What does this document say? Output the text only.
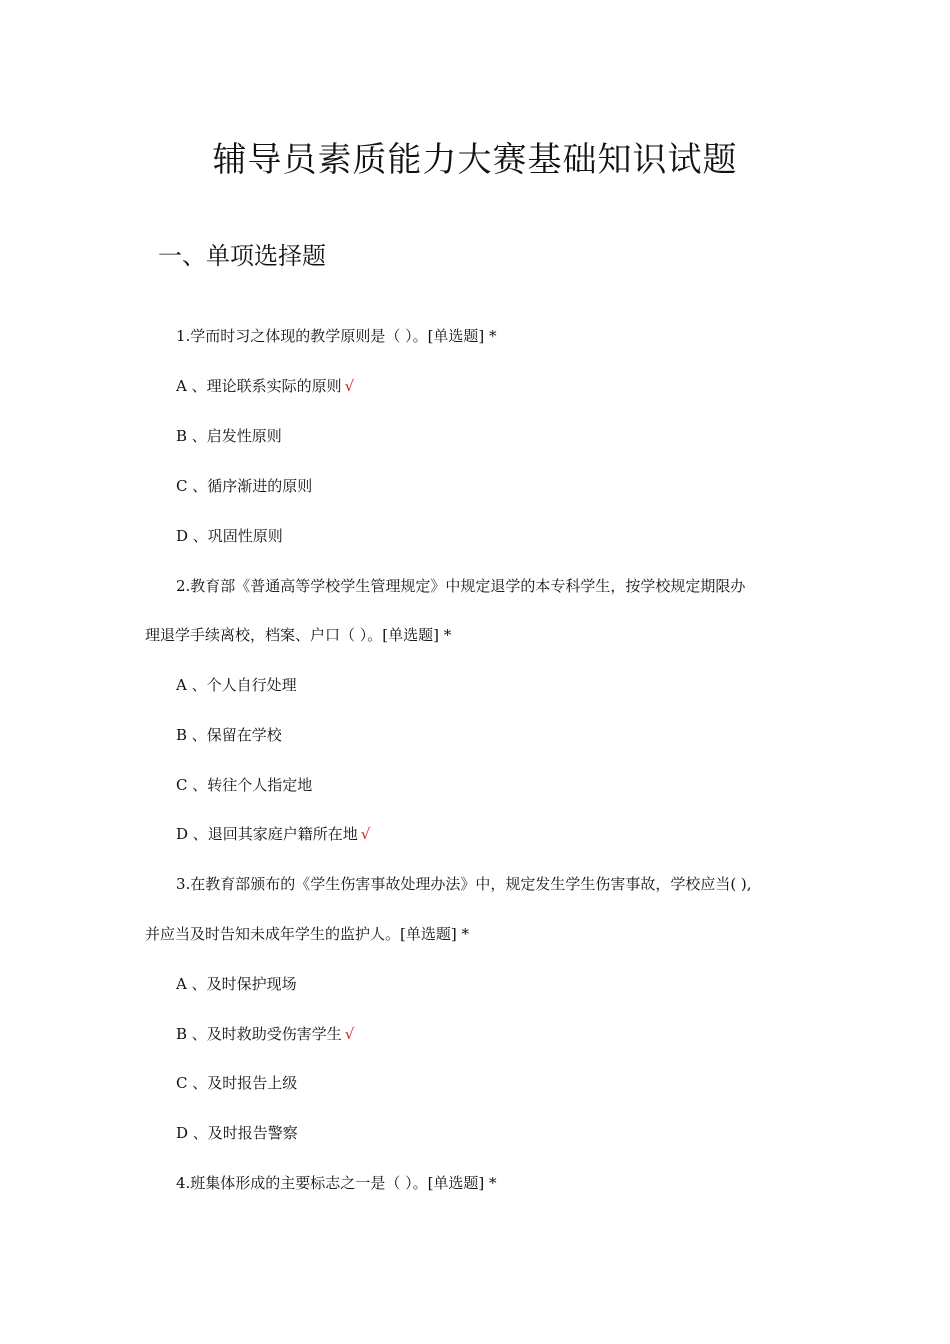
辅导员素质能力大赛基础知识试题
一、单项选择题
1.学而时习之体现的教学原则是（ ）。[单选题] *
A 、理论联系实际的原则 √
B 、启发性原则
C 、循序渐进的原则
D 、巩固性原则
2.教育部《普通高等学校学生管理规定》中规定退学的本专科学生，按学校规定期限办
理退学手续离校，档案、户口（ ）。[单选题] *
A 、个人自行处理
B 、保留在学校
C 、转往个人指定地
D 、退回其家庭户籍所在地 √
3.在教育部颁布的《学生伤害事故处理办法》中，规定发生学生伤害事故，学校应当( ),
并应当及时告知未成年学生的监护人。[单选题] *
A 、及时保护现场
B 、及时救助受伤害学生 √
C 、及时报告上级
D 、及时报告警察
4.班集体形成的主要标志之一是（ ）。[单选题] *
